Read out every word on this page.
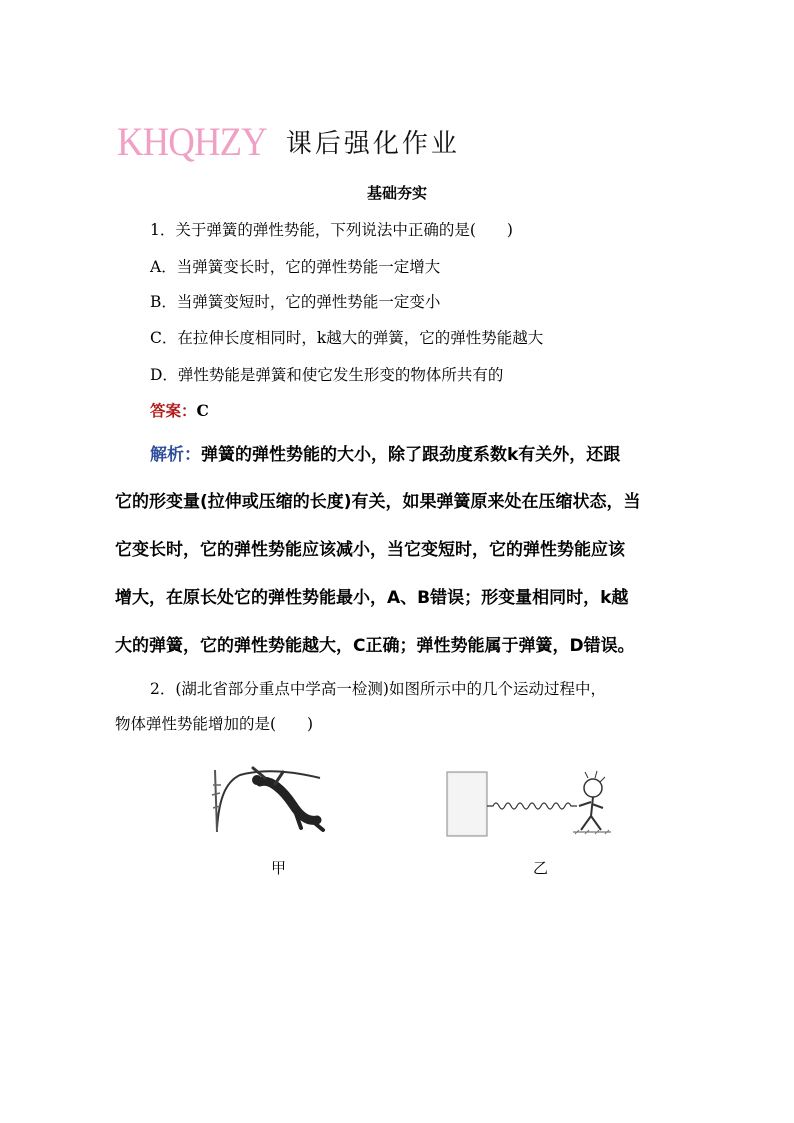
KHQHZY 课后强化作业
基础夯实
1．关于弹簧的弹性势能，下列说法中正确的是(　　)
A．当弹簧变长时，它的弹性势能一定增大
B．当弹簧变短时，它的弹性势能一定变小
C．在拉伸长度相同时，k越大的弹簧，它的弹性势能越大
D．弹性势能是弹簧和使它发生形变的物体所共有的
答案：C
解析：弹簧的弹性势能的大小，除了跟劲度系数k有关外，还跟
它的形变量(拉伸或压缩的长度)有关，如果弹簧原来处在压缩状态，当
它变长时，它的弹性势能应该减小，当它变短时，它的弹性势能应该
增大，在原长处它的弹性势能最小，A、B错误；形变量相同时，k越
大的弹簧，它的弹性势能越大，C正确；弹性势能属于弹簧，D错误。
2．(湖北省部分重点中学高一检测)如图所示中的几个运动过程中，
物体弹性势能增加的是(　　)
甲	乙
